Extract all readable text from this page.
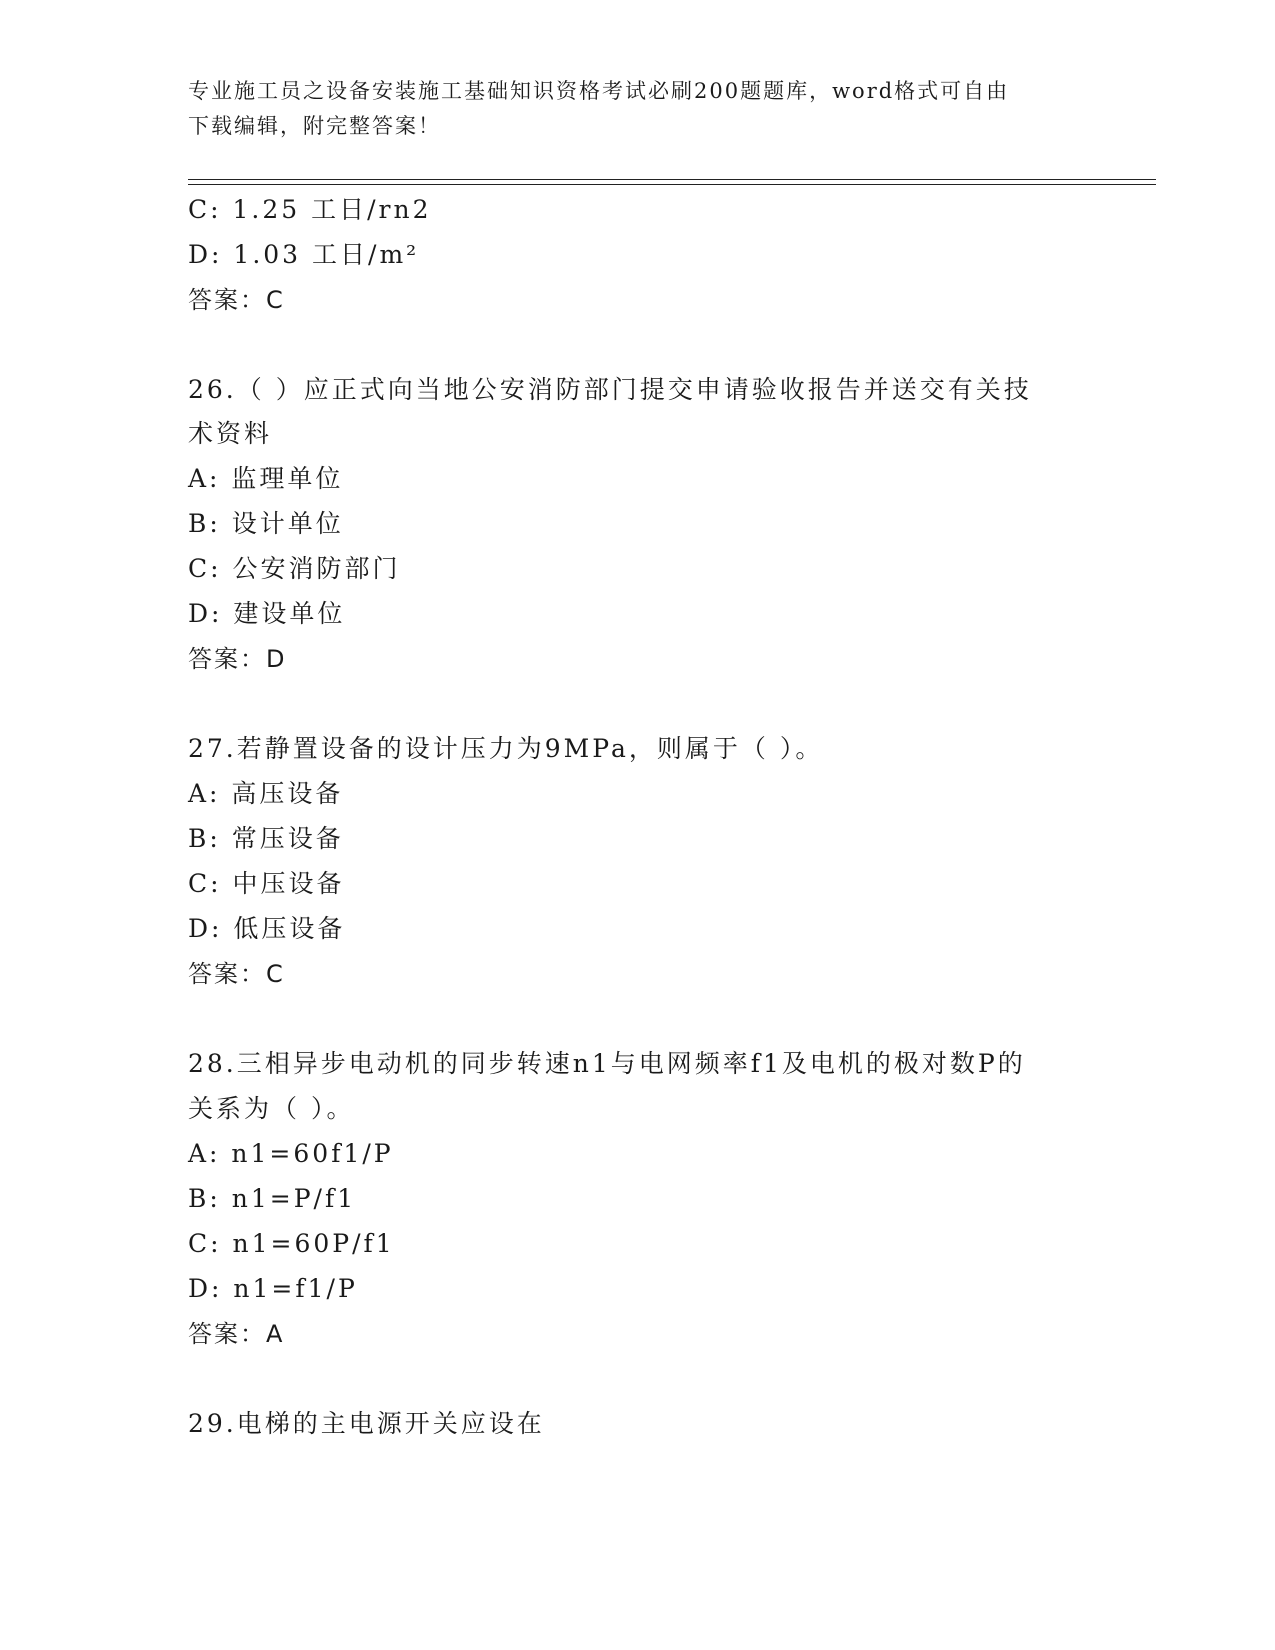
专业施工员之设备安装施工基础知识资格考试必刷200题题库，word格式可自由
下载编辑，附完整答案！
C: 1.25 工日/rn2
D: 1.03 工日/m²
答案：C
26.（ ）应正式向当地公安消防部门提交申请验收报告并送交有关技
术资料
A: 监理单位
B: 设计单位
C: 公安消防部门
D: 建设单位
答案：D
27.若静置设备的设计压力为9MPa，则属于（ ）。
A: 高压设备
B: 常压设备
C: 中压设备
D: 低压设备
答案：C
28.三相异步电动机的同步转速n1与电网频率f1及电机的极对数P的
关系为（ ）。
A: n1=60f1/P
B: n1=P/f1
C: n1=60P/f1
D: n1=f1/P
答案：A
29.电梯的主电源开关应设在
